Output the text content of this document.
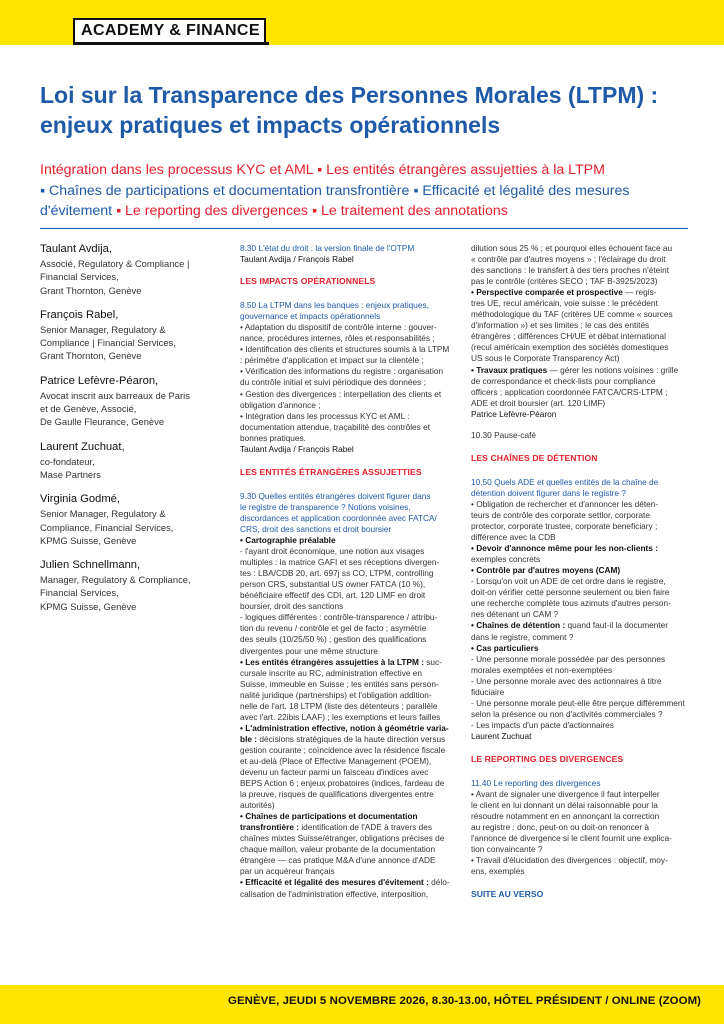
ACADEMY & FINANCE
Loi sur la Transparence des Personnes Morales (LTPM) :
enjeux pratiques et impacts opérationnels
Intégration dans les processus KYC et AML ▪ Les entités étrangères assujetties à la LTPM
▪ Chaînes de participations et documentation transfrontière ▪ Efficacité et légalité des mesures
d'évitement ▪ Le reporting des divergences ▪ Le traitement des annotations
Taulant Avdija,
Associé, Regulatory & Compliance |
Financial Services,
Grant Thornton, Genève
François Rabel,
Senior Manager, Regulatory &
Compliance | Financial Services,
Grant Thornton, Genève
Patrice Lefèvre-Péaron,
Avocat inscrit aux barreaux de Paris
et de Genève, Associé,
De Gaulle Fleurance, Genève
Laurent Zuchuat,
co-fondateur,
Mase Partners
Virginia Godmé,
Senior Manager, Regulatory &
Compliance, Financial Services,
KPMG Suisse, Genève
Julien Schnellmann,
Manager, Regulatory & Compliance,
Financial Services,
KPMG Suisse, Genève
8.30 L'état du droit : la version finale de l'OTPM
Taulant Avdija / François Rabel
LES IMPACTS OPÉRATIONNELS
8.50 La LTPM dans les banques : enjeux pratiques,
gouvernance et impacts opérationnels
• Adaptation du dispositif de contrôle interne : gouver-
nance, procédures internes, rôles et responsabilités ;
• Identification des clients et structures soumis à la LTPM
: périmètre d'application et impact sur la clientèle ;
• Vérification des informations du registre : organisation
du contrôle initial et suivi périodique des données ;
• Gestion des divergences : interpellation des clients et
obligation d'annonce ;
• Intégration dans les processus KYC et AML :
documentation attendue, traçabilité des contrôles et
bonnes pratiques.
Taulant Avdija / François Rabel
LES ENTITÉS ÉTRANGÈRES ASSUJETTIES
9.30 Quelles entités étrangères doivent figurer dans
le registre de transparence ? Notions voisines,
discordances et application coordonnée avec FATCA/
CRS, droit des sanctions et droit boursier
• Cartographie préalable
- l'ayant droit économique, une notion aux visages
multiples : la matrice GAFI et ses réceptions divergen-
tes : LBA/CDB 20, art. 697j ss CO, LTPM, controlling
person CRS, substantial US owner FATCA (10 %),
bénéficiaire effectif des CDI, art. 120 LIMF en droit
boursier, droit des sanctions
- logiques différentes : contrôle-transparence / attribu-
tion du revenu / contrôle et gel de facto ; asymétrie
des seuils (10/25/50 %) ; gestion des qualifications
divergentes pour une même structure
• Les entités étrangères assujetties à la LTPM : suc-
cursale inscrite au RC, administration effective en
Suisse, immeuble en Suisse ; les entités sans person-
nalité juridique (partnerships) et l'obligation addition-
nelle de l'art. 18 LTPM (liste des détenteurs ; parallèle
avec l'art. 22ibis LAAF) ; les exemptions et leurs failles
• L'administration effective, notion à géométrie varia-
ble : décisions stratégiques de la haute direction versus
gestion courante ; coïncidence avec la résidence fiscale
et au-delà (Place of Effective Management (POEM),
devenu un facteur parmi un faisceau d'indices avec
BEPS Action 6 ; enjeux probatoires (indices, fardeau de
la preuve, risques de qualifications divergentes entre
autorités)
• Chaînes de participations et documentation
transfrontière : identification de l'ADE à travers des
chaînes mixtes Suisse/étranger, obligations précises de
chaque maillon, valeur probante de la documentation
étrangère — cas pratique M&A d'une annonce d'ADE
par un acquéreur français
• Efficacité et légalité des mesures d'évitement : délo-
calisation de l'administration effective, interposition,
dilution sous 25 % ; et pourquoi elles échouent face au
« contrôle par d'autres moyens » ; l'éclairage du droit
des sanctions : le transfert à des tiers proches n'éteint
pas le contrôle (critères SECO ; TAF B-3925/2023)
• Perspective comparée et prospective — regis-
tres UE, recul américain, voie suisse : le précédent
méthodologique du TAF (critères UE comme « sources
d'information ») et ses limites ; le cas des entités
étrangères ; différences CH/UE et débat international
(recul américain exemption des sociétés domestiques
US sous le Corporate Transparency Act)
• Travaux pratiques — gérer les notions voisines : grille
de correspondance et check-lists pour compliance
officers ; application coordonnée FATCA/CRS-LTPM ;
ADE et droit boursier (art. 120 LIMF)
Patrice Lefèvre-Péaron
10.30 Pause-café
LES CHAÎNES DE DÉTENTION
10.50 Quels ADE et quelles entités de la chaîne de
détention doivent figurer dans le registre ?
• Obligation de rechercher et d'annoncer les déten-
teurs de contrôle des corporate settlor, corporate
protector, corporate trustee, corporate beneficiary ;
différence avec la CDB
• Devoir d'annonce même pour les non-clients :
exemples concrets
• Contrôle par d'autres moyens (CAM)
- Lorsqu'on voit un ADE de cet ordre dans le registre,
doit-on vérifier cette personne seulement ou bien faire
une recherche complète tous azimuts d'autres person-
nes détenant un CAM ?
• Chaînes de détention : quand faut-il la documenter
dans le registre, comment ?
• Cas particuliers
- Une personne morale possédée par des personnes
morales exemptées et non-exemptées
- Une personne morale avec des actionnaires à titre
fiduciaire
- Une personne morale peut-elle être perçue différemment
selon la présence ou non d'activités commerciales ?
- Les impacts d'un pacte d'actionnaires
Laurent Zuchuat
LE REPORTING DES DIVERGENCES
11.40 Le reporting des divergences
• Avant de signaler une divergence il faut interpeller
le client en lui donnant un délai raisonnable pour la
résoudre notamment en en annonçant la correction
au registre : donc, peut-on ou doit-on renoncer à
l'annonce de divergence si le client fournit une explica-
tion convaincante ?
• Travail d'élucidation des divergences : objectif, moy-
ens, exemples
SUITE AU VERSO
GENÈVE, JEUDI 5 NOVEMBRE 2026, 8.30-13.00, HÔTEL PRÉSIDENT / ONLINE (ZOOM)
